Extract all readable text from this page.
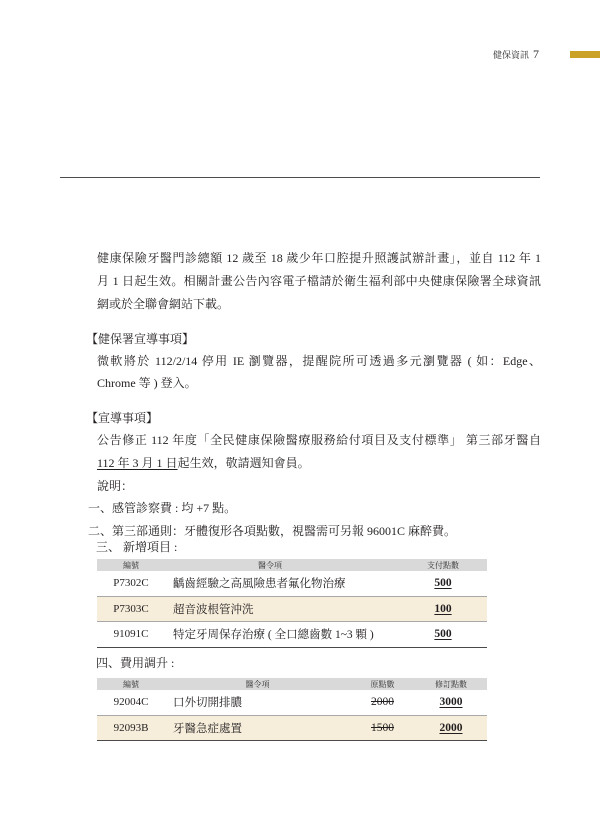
健保資訊 7
健康保險牙醫門診總額 12 歲至 18 歲少年口腔提升照護試辦計畫」，並自 112 年 1
月 1 日起生效。相關計畫公告內容電子檔請於衛生福利部中央健康保險署全球資訊
網或於全聯會網站下載。
【健保署宣導事項】
微軟將於 112/2/14 停用 IE 瀏覽器，提醒院所可透過多元瀏覽器 ( 如：Edge、
Chrome 等 ) 登入。
【宣導事項】
公告修正 112 年度「全民健康保險醫療服務給付項目及支付標準」 第三部牙醫自
112 年 3 月 1 日起生效，敬請週知會員。
說明：
一、感管診察費 : 均 +7 點。
二、第三部通則：牙體復形各項點數，視醫需可另報 96001C 麻醉費。
三、 新增項目 :
編號	醫令項	支付點數
P7302C	齲齒經驗之高風險患者氟化物治療	500
P7303C	超音波根管沖洗	100
91091C	特定牙周保存治療 ( 全口總齒數 1~3 顆 )	500
四、費用調升 :
編號	醫令項	原點數	修訂點數
92004C	口外切開排膿	2000	3000
92093B	牙醫急症處置	1500	2000
